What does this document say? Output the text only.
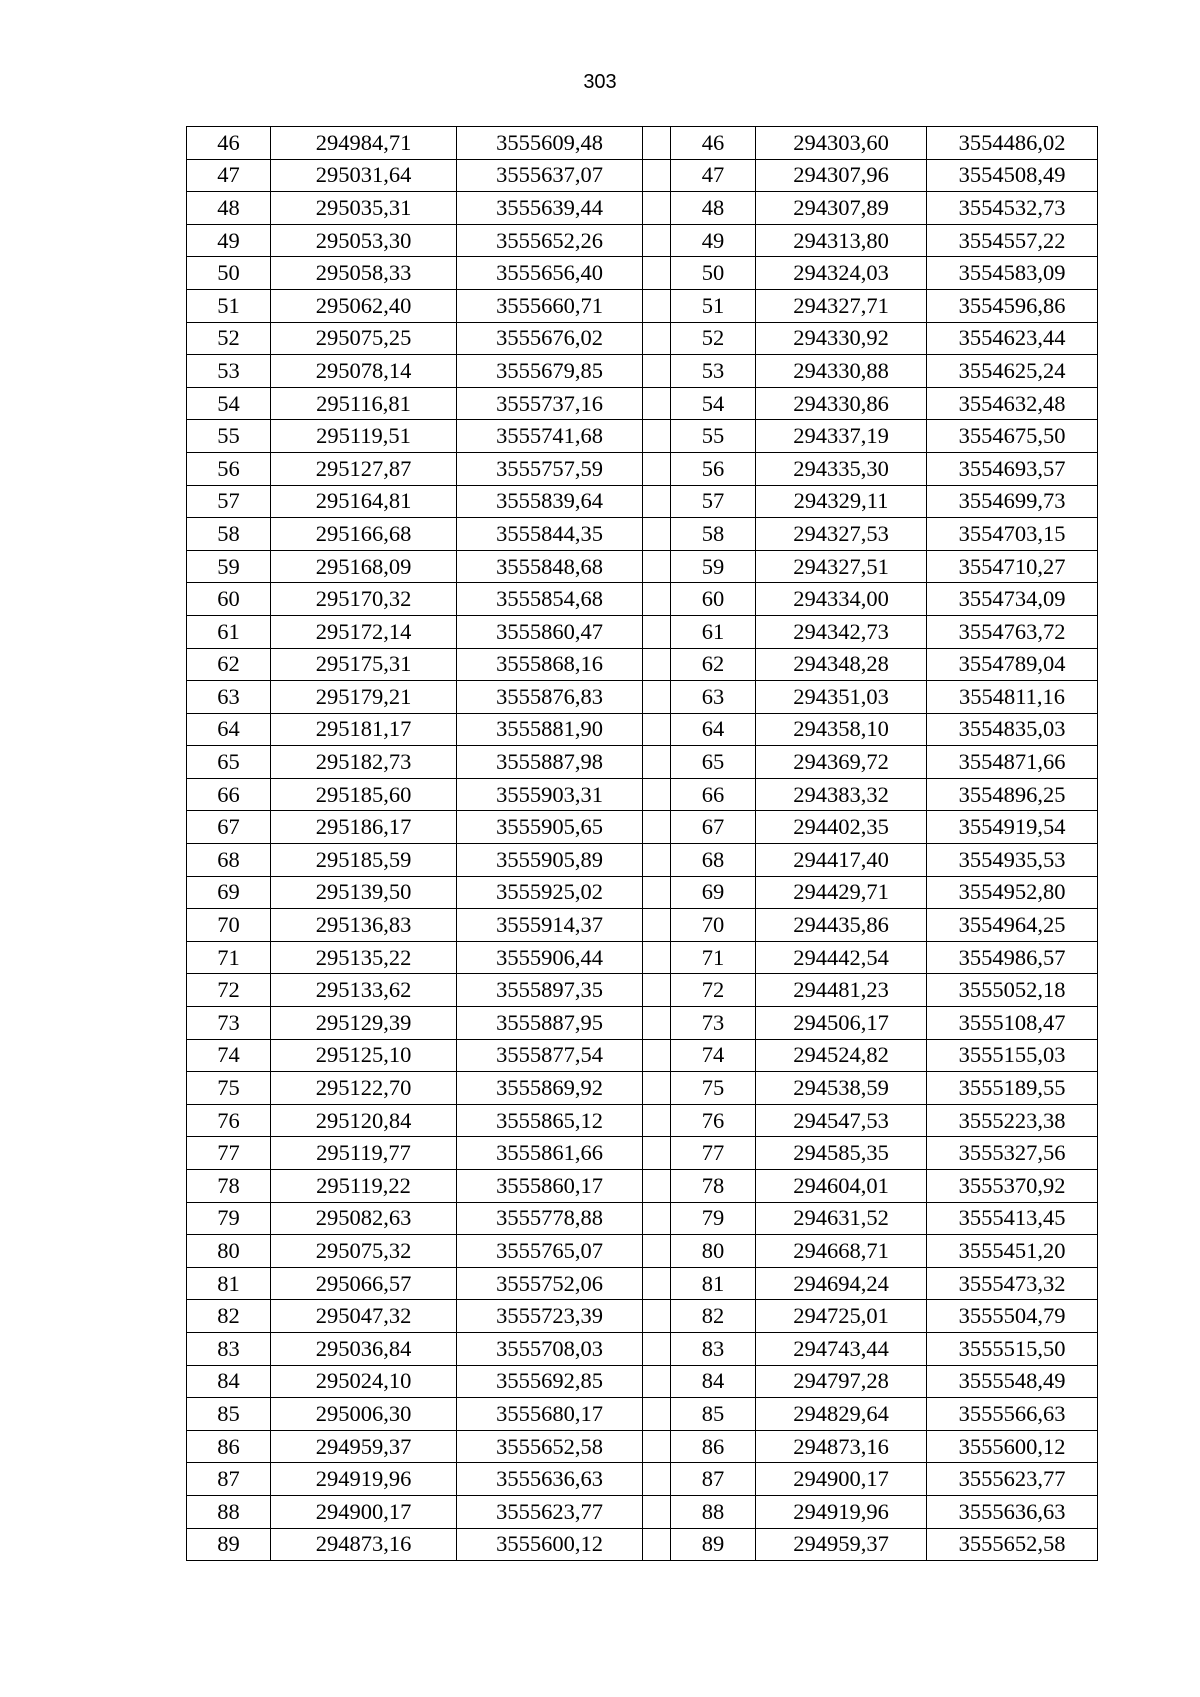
303
46	294984,71	3555609,48		46	294303,60	3554486,02
47	295031,64	3555637,07		47	294307,96	3554508,49
48	295035,31	3555639,44		48	294307,89	3554532,73
49	295053,30	3555652,26		49	294313,80	3554557,22
50	295058,33	3555656,40		50	294324,03	3554583,09
51	295062,40	3555660,71		51	294327,71	3554596,86
52	295075,25	3555676,02		52	294330,92	3554623,44
53	295078,14	3555679,85		53	294330,88	3554625,24
54	295116,81	3555737,16		54	294330,86	3554632,48
55	295119,51	3555741,68		55	294337,19	3554675,50
56	295127,87	3555757,59		56	294335,30	3554693,57
57	295164,81	3555839,64		57	294329,11	3554699,73
58	295166,68	3555844,35		58	294327,53	3554703,15
59	295168,09	3555848,68		59	294327,51	3554710,27
60	295170,32	3555854,68		60	294334,00	3554734,09
61	295172,14	3555860,47		61	294342,73	3554763,72
62	295175,31	3555868,16		62	294348,28	3554789,04
63	295179,21	3555876,83		63	294351,03	3554811,16
64	295181,17	3555881,90		64	294358,10	3554835,03
65	295182,73	3555887,98		65	294369,72	3554871,66
66	295185,60	3555903,31		66	294383,32	3554896,25
67	295186,17	3555905,65		67	294402,35	3554919,54
68	295185,59	3555905,89		68	294417,40	3554935,53
69	295139,50	3555925,02		69	294429,71	3554952,80
70	295136,83	3555914,37		70	294435,86	3554964,25
71	295135,22	3555906,44		71	294442,54	3554986,57
72	295133,62	3555897,35		72	294481,23	3555052,18
73	295129,39	3555887,95		73	294506,17	3555108,47
74	295125,10	3555877,54		74	294524,82	3555155,03
75	295122,70	3555869,92		75	294538,59	3555189,55
76	295120,84	3555865,12		76	294547,53	3555223,38
77	295119,77	3555861,66		77	294585,35	3555327,56
78	295119,22	3555860,17		78	294604,01	3555370,92
79	295082,63	3555778,88		79	294631,52	3555413,45
80	295075,32	3555765,07		80	294668,71	3555451,20
81	295066,57	3555752,06		81	294694,24	3555473,32
82	295047,32	3555723,39		82	294725,01	3555504,79
83	295036,84	3555708,03		83	294743,44	3555515,50
84	295024,10	3555692,85		84	294797,28	3555548,49
85	295006,30	3555680,17		85	294829,64	3555566,63
86	294959,37	3555652,58		86	294873,16	3555600,12
87	294919,96	3555636,63		87	294900,17	3555623,77
88	294900,17	3555623,77		88	294919,96	3555636,63
89	294873,16	3555600,12		89	294959,37	3555652,58
